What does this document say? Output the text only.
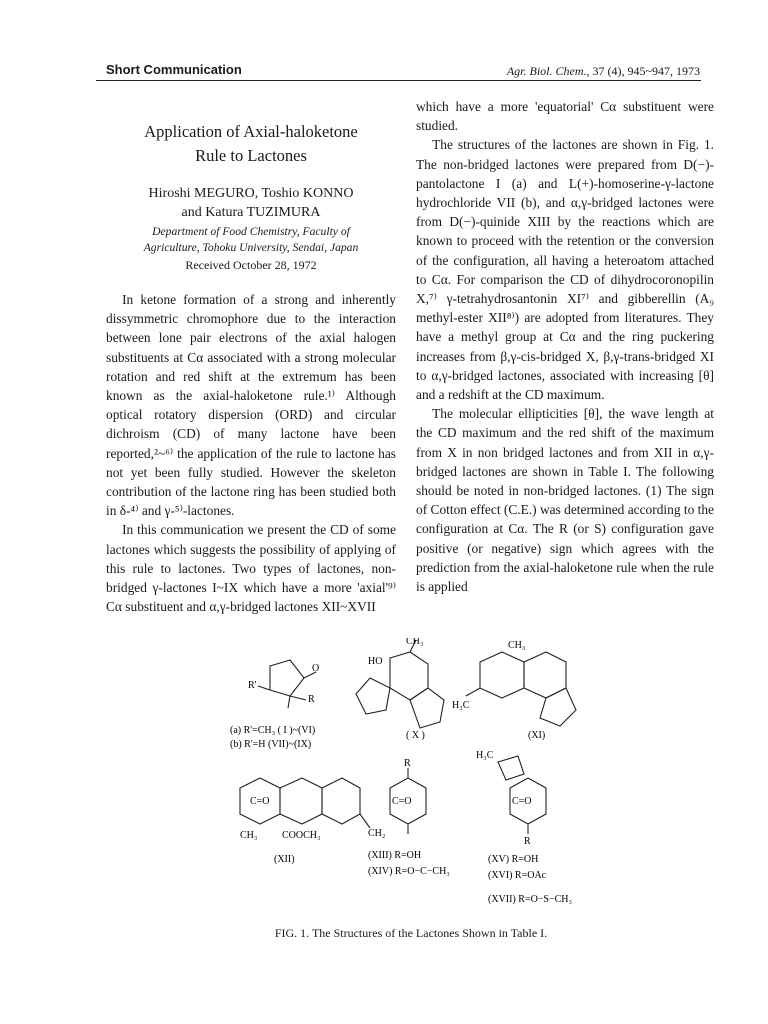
Short Communication	Agr. Biol. Chem., 37 (4), 945~947, 1973
Application of Axial-haloketone
Rule to Lactones
Hiroshi MEGURO, Toshio KONNO
and Katura TUZIMURA
Department of Food Chemistry, Faculty of
Agriculture, Tohoku University, Sendai, Japan
Received October 28, 1972

In ketone formation of a strong and inherently dissymmetric chromophore due to the interaction between lone pair electrons of the axial halogen substituents at Cα associated with a strong molecular rotation and red shift at the extremum has been known as the axial-haloketone rule.¹⁾ Although optical rotatory dispersion (ORD) and circular dichroism (CD) of many lactone have been reported,²~⁶⁾ the application of the rule to lactone has not yet been fully studied. However the skeleton contribution of the lactone ring has been studied both in δ-⁴⁾ and γ-⁵⁾-lactones.

In this communication we present the CD of some lactones which suggests the possibility of applying of this rule to lactones. Two types of lactones, non-bridged γ-lactones I~IX which have a more 'axial'⁹⁾ Cα substituent and α,γ-bridged lactones XII~XVII

which have a more 'equatorial' Cα substituent were studied.

The structures of the lactones are shown in Fig. 1. The non-bridged lactones were prepared from D(−)-pantolactone I (a) and L(+)-homoserine-γ-lactone hydrochloride VII (b), and α,γ-bridged lactones were from D(−)-quinide XIII by the reactions which are known to proceed with the retention or the conversion of the configuration, all having a heteroatom attached to Cα. For comparison the CD of dihydrocoronopilin X,⁷⁾ γ-tetrahydrosantonin XI⁷⁾ and gibberellin (A₉ methyl-ester XII⁸⁾) are adopted from literatures. They have a methyl group at Cα and the ring puckering increases from β,γ-cis-bridged X, β,γ-trans-bridged XI to α,γ-bridged lactones, associated with increasing [θ] and a redshift at the CD maximum.

The molecular ellipticities [θ], the wave length at the CD maximum and the red shift of the maximum from X in non bridged lactones and from XII in α,γ-bridged lactones are shown in Table I. The following should be noted in non-bridged lactones. (1) The sign of Cotton effect (C.E.) was determined according to the configuration at Cα. The R (or S) configuration gave positive (or negative) sign which agrees with the prediction from the axial-haloketone rule when the rule is applied

O
R'
R
(a) R'=CH₃ ( I )~(VI)
(b) R'=H (VII)~(IX)
HO
CH₃
( X )
CH₃
H₃C
(XI)
C=O
CH₃ COOCH₃	CH₂
(XII)
C=O
R
(XIII) R=OH
(XIV) R=O−C−CH₃
H₃C
C=O
R
(XV) R=OH
(XVI) R=OAc
(XVII) R=O−S−CH₃
FIG. 1. The Structures of the Lactones Shown in Table I.
